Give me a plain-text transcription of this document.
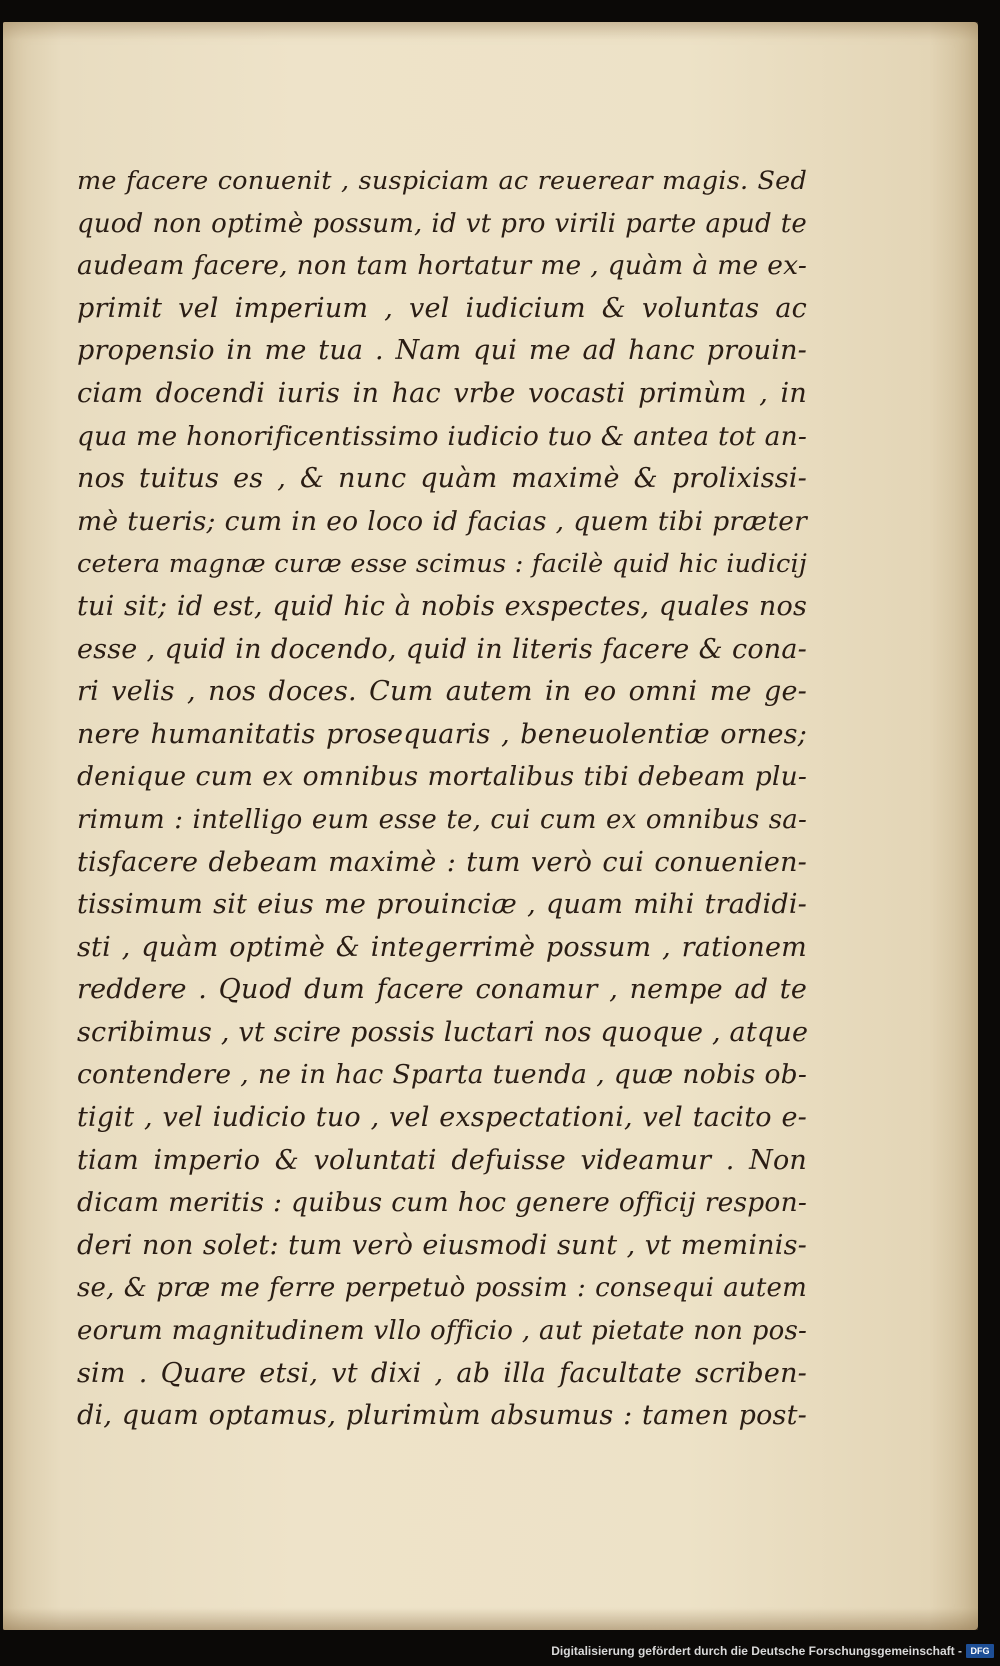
me facere conuenit , suspiciam ac reuerear magis. Sed
quod non optimè possum, id vt pro virili parte apud te
audeam facere, non tam hortatur me , quàm à me ex-
primit vel imperium , vel iudicium & voluntas ac
propensio in me tua . Nam qui me ad hanc prouin-
ciam docendi iuris in hac vrbe vocasti primùm , in
qua me honorificentissimo iudicio tuo & antea tot an-
nos tuitus es , & nunc quàm maximè & prolixissi-
mè tueris; cum in eo loco id facias , quem tibi præter
cetera magnæ curæ esse scimus : facilè quid hic iudicij
tui sit; id est, quid hic à nobis exspectes, quales nos
esse , quid in docendo, quid in literis facere & cona-
ri velis , nos doces. Cum autem in eo omni me ge-
nere humanitatis prosequaris , beneuolentiæ ornes;
denique cum ex omnibus mortalibus tibi debeam plu-
rimum : intelligo eum esse te, cui cum ex omnibus sa-
tisfacere debeam maximè : tum verò cui conuenien-
tissimum sit eius me prouinciæ , quam mihi tradidi-
sti , quàm optimè & integerrimè possum , rationem
reddere . Quod dum facere conamur , nempe ad te
scribimus , vt scire possis luctari nos quoque , atque
contendere , ne in hac Sparta tuenda , quæ nobis ob-
tigit , vel iudicio tuo , vel exspectationi, vel tacito e-
tiam imperio & voluntati defuisse videamur . Non
dicam meritis : quibus cum hoc genere officij respon-
deri non solet: tum verò eiusmodi sunt , vt meminis-
se, & præ me ferre perpetuò possim : consequi autem
eorum magnitudinem vllo officio , aut pietate non pos-
sim . Quare etsi, vt dixi , ab illa facultate scriben-
di, quam optamus, plurimùm absumus : tamen post-
Digitalisierung gefördert durch die Deutsche Forschungsgemeinschaft - DFG
